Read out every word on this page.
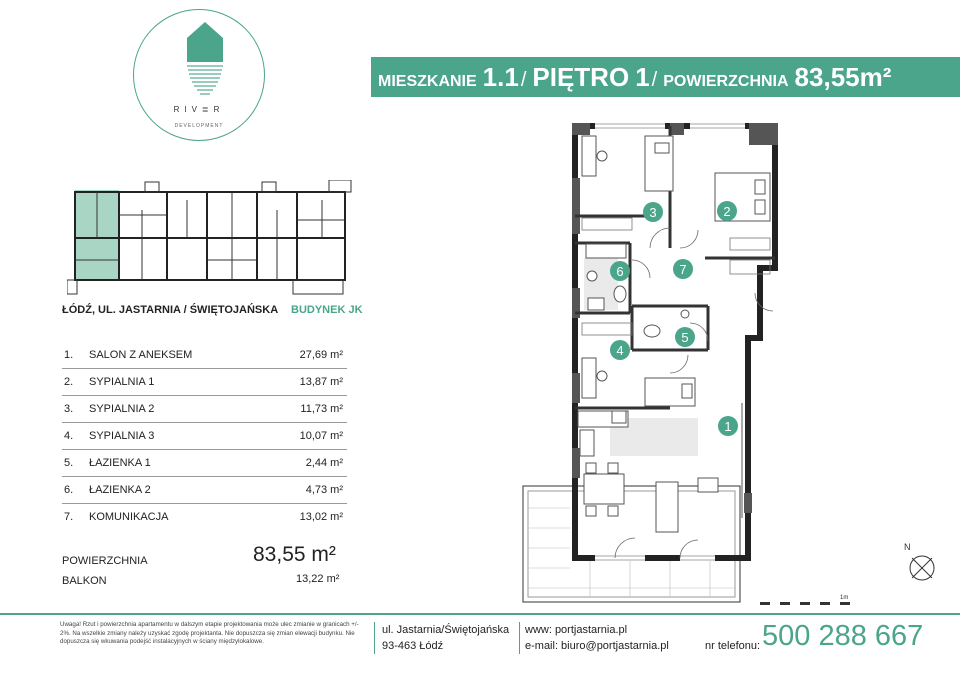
RIV≣R
DEVELOPMENT
MIESZKANIE 1.1 / PIĘTRO 1 / POWIERZCHNIA 83,55m²
ŁÓDŹ, UL. JASTARNIA / ŚWIĘTOJAŃSKA BUDYNEK JK
1. SALON Z ANEKSEM	27,69 m²
2. SYPIALNIA 1	13,87 m²
3. SYPIALNIA 2	11,73 m²
4. SYPIALNIA 3	10,07 m²
5. ŁAZIENKA 1	2,44 m²
6. ŁAZIENKA 2	4,73 m²
7. KOMUNIKACJA	13,02 m²
POWIERZCHNIA	83,55 m²
BALKON	13,22 m²
1
2
3
4
5
6	7
N
1m
Uwaga! Rzut i powierzchnia apartamentu w dalszym etapie projektowania może ulec zmianie w granicach +/- 2%. Na wszelkie zmiany należy uzyskać zgodę projektanta. Nie dopuszcza się zmian elewacji budynku. Nie dopuszcza się wkuwania podejść instalacyjnych w ściany międzylokalowe.
ul. Jastarnia/Świętojańska
93-463 Łódź
www: portjastarnia.pl
e-mail: biuro@portjastarnia.pl	nr telefonu: 500 288 667
